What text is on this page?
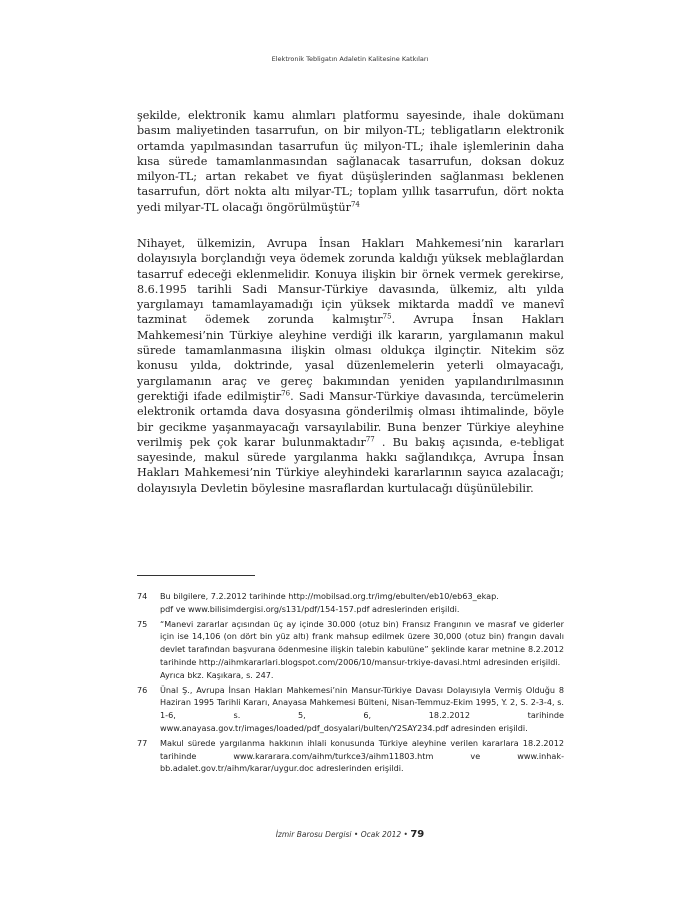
Elektronik Tebligatın Adaletin Kalitesine Katkıları

şekilde, elektronik kamu alımları platformu sayesinde, ihale dokümanı basım maliyetinden tasarrufun, on bir milyon-TL; tebligatların elektronik ortamda yapılmasından tasarrufun üç milyon-TL; ihale işlemlerinin daha kısa sürede tamamlanmasından sağlanacak tasarrufun, doksan dokuz milyon-TL; artan rekabet ve fiyat düşüşlerinden sağlanması beklenen tasarrufun, dört nokta altı milyar-TL; toplam yıllık tasarrufun, dört nokta yedi milyar-TL olacağı öngörülmüştür$^{74}$

Nihayet, ülkemizin, Avrupa İnsan Hakları Mahkemesi’nin kararları dolayısıyla borçlandığı veya ödemek zorunda kaldığı yüksek meblağlardan tasarruf edeceği eklenmelidir. Konuya ilişkin bir örnek vermek gerekirse, 8.6.1995 tarihli Sadi Mansur-Türkiye davasında, ülkemiz, altı yılda yargılamayı tamamlayamadığı için yüksek miktarda maddî ve manevî tazminat ödemek zorunda kalmıştır$^{75}$. Avrupa İnsan Hakları Mahkemesi’nin Türkiye aleyhine verdiği ilk kararın, yargılamanın makul sürede tamamlanmasına ilişkin olması oldukça ilginçtir. Nitekim söz konusu yılda, doktrinde, yasal düzenlemelerin yeterli olmayacağı, yargılamanın araç ve gereç bakımından yeniden yapılandırılmasının gerektiği ifade edilmiştir$^{76}$. Sadi Mansur-Türkiye davasında, tercümelerin elektronik ortamda dava dosyasına gönderilmiş olması ihtimalinde, böyle bir gecikme yaşanmayacağı varsayılabilir. Buna benzer Türkiye aleyhine verilmiş pek çok karar bulunmaktadır$^{77}$ . Bu bakış açısında, e-tebligat sayesinde, makul sürede yargılanma hakkı sağlandıkça, Avrupa İnsan Hakları Mahkemesi’nin Türkiye aleyhindeki kararlarının sayıca azalacağı; dolayısıyla Devletin böylesine masraflardan kurtulacağı düşünülebilir.

74	Bu bilgilere, 7.2.2012 tarihinde http://mobilsad.org.tr/img/ebulten/eb10/eb63_ekap.
pdf ve www.bilisimdergisi.org/s131/pdf/154-157.pdf adreslerinden erişildi.
75	“Manevi zararlar açısından üç ay içinde 30.000 (otuz bin) Fransız Frangının ve masraf ve giderler için ise 14,106 (on dört bin yüz altı) frank mahsup edilmek üzere 30,000 (otuz bin) frangın davalı devlet tarafından başvurana ödenmesine ilişkin talebin kabulüne” şeklinde karar metnine 8.2.2012 tarihinde http://aihmkararlari.blogspot.com/2006/10/mansur-trkiye-davasi.html adresinden erişildi.
Ayrıca bkz. Kaşıkara, s. 247.
76	Ünal Ş., Avrupa İnsan Hakları Mahkemesi’nin Mansur-Türkiye Davası Dolayısıyla Vermiş Olduğu 8 Haziran 1995 Tarihli Kararı, Anayasa Mahkemesi Bülteni, Nisan-Temmuz-Ekim 1995, Y. 2, S. 2-3-4, s. 1-6, s. 5, 6, 18.2.2012 tarihinde www.anayasa.gov.tr/images/loaded/pdf_dosyalari/bulten/Y2SAY234.pdf adresinden erişildi.
77	Makul sürede yargılanma hakkının ihlali konusunda Türkiye aleyhine verilen kararlara 18.2.2012 tarihinde www.kararara.com/aihm/turkce3/aihm11803.htm ve www.inhak-bb.adalet.gov.tr/aihm/karar/uygur.doc adreslerinden erişildi.
İzmir Barosu Dergisi • Ocak 2012 • 79
